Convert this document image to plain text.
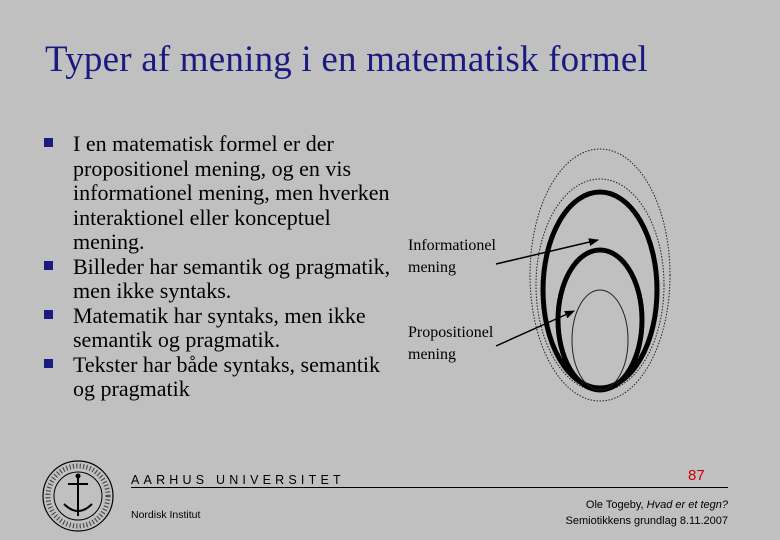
Typer af mening i en matematisk formel
I en matematisk formel er der propositionel mening, og en vis informationel mening, men hverken interaktionel eller konceptuel mening.
Billeder har semantik og pragmatik, men ikke syntaks.
Matematik har syntaks, men ikke semantik og pragmatik.
Tekster har både syntaks, semantik og pragmatik
Informationel
mening
Propositionel
mening
AARHUS UNIVERSITET
Nordisk Institut
87
Ole Togeby, Hvad er et tegn?
Semiotikkens grundlag 8.11.2007
